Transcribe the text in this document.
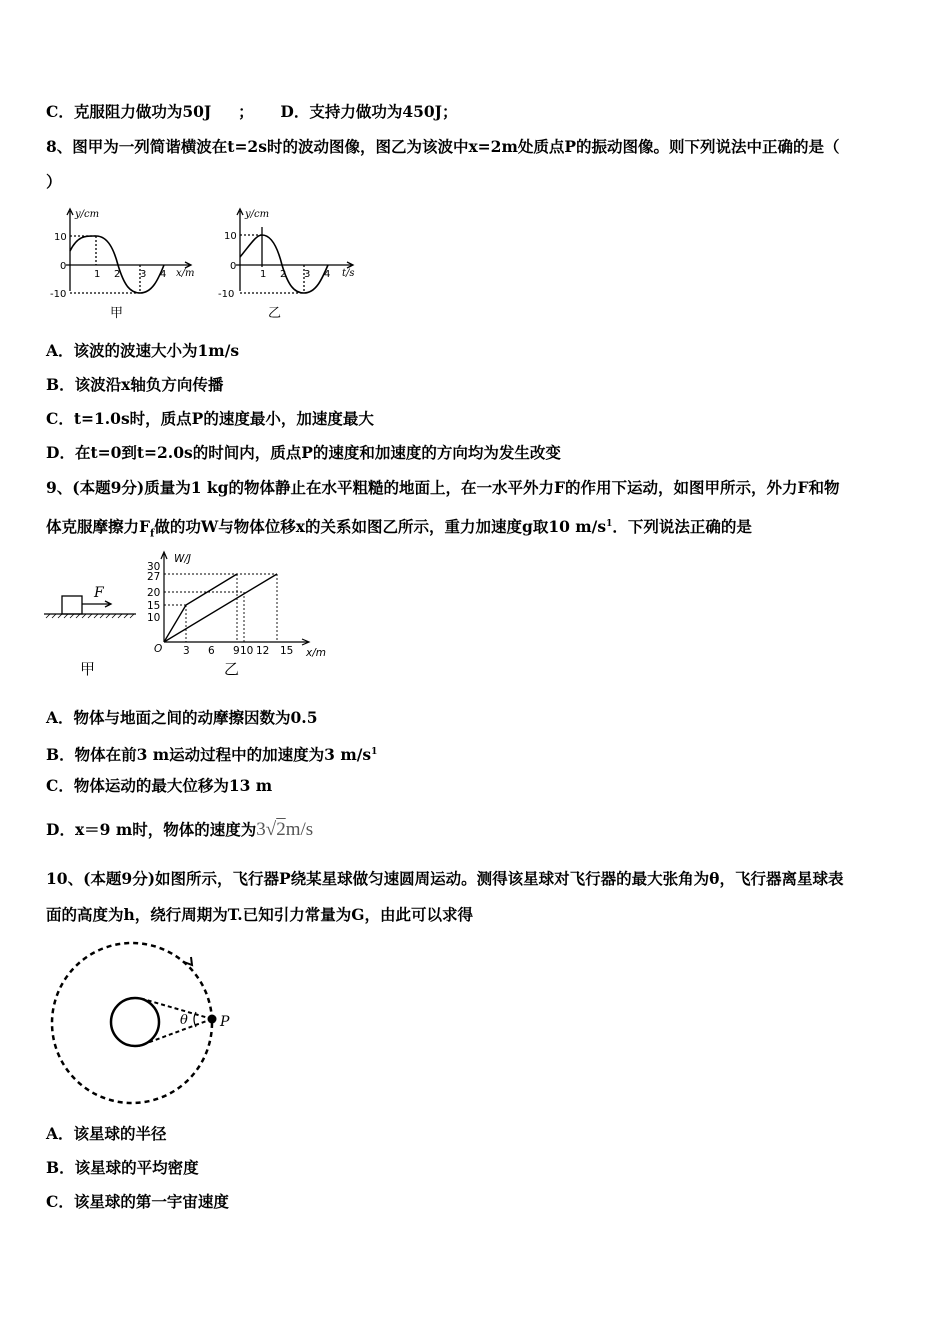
C．克服阻力做功为50J ； D．支持力做功为450J；
8、图甲为一列简谐横波在t=2s时的波动图像，图乙为该波中x=2m处质点P的振动图像。则下列说法中正确的是（
）
y/cm
x/m
10
0
-10
1 2 3 4
甲
y/cm
t/s
10
0
-10
1 2 3 4
乙
A．该波的波速大小为1m/s
B．该波沿x轴负方向传播
C．t=1.0s时，质点P的速度最小，加速度最大
D．在t=0到t=2.0s的时间内，质点P的速度和加速度的方向均为发生改变
9、(本题9分)质量为1 kg的物体静止在水平粗糙的地面上，在一水平外力F的作用下运动，如图甲所示，外力F和物
体克服摩擦力$F_f$做的功W与物体位移x的关系如图乙所示，重力加速度g取10 $m/s^1$．下列说法正确的是
F
甲
W/J
x/m
O
30
27
20
15
10
3 6 9 10 12 15
乙
A．物体与地面之间的动摩擦因数为0.5
B．物体在前3 m运动过程中的加速度为3 $m/s^1$
C．物体运动的最大位移为13 m
D．x＝9 m时，物体的速度为3√2m/s
10、(本题9分)如图所示，飞行器P绕某星球做匀速圆周运动。测得该星球对飞行器的最大张角为θ，飞行器离星球表
面的高度为h，绕行周期为T.已知引力常量为G，由此可以求得
θ P
A．该星球的半径
B．该星球的平均密度
C．该星球的第一宇宙速度
